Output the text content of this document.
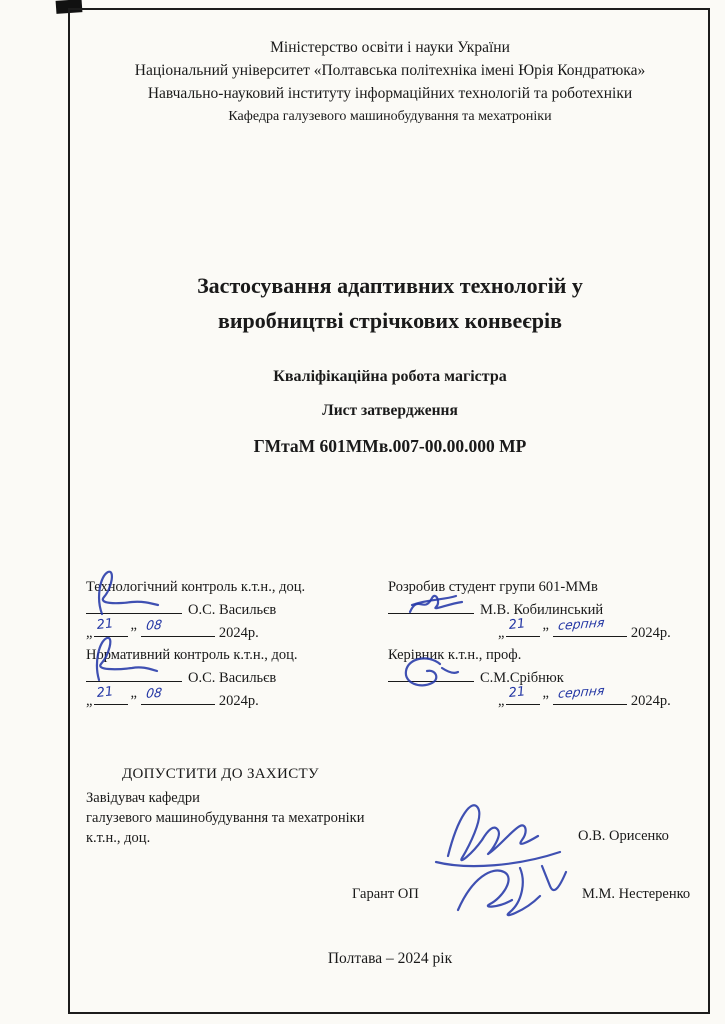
Міністерство освіти і науки України
Національний університет «Полтавська політехніка імені Юрія Кондратюка»
Навчально-науковий інституту інформаційних технологій та роботехніки
Кафедра галузевого машинобудування та мехатроніки
Застосування адаптивних технологій у
виробництві стрічкових конвеєрів
Кваліфікаційна робота магістра
Лист затвердження
ГМтаМ 601ММв.007-00.00.000 МР
Технологічний контроль к.т.н., доц.
О.С. Васильєв
„ 21 ”
08
2024р.
Нормативний контроль к.т.н., доц.
О.С. Васильєв
„ 21 ”
08
2024р.
Розробив студент групи 601-ММв
М.В. Кобилинський
„ 21 ”
серпня
2024р.
Керівник к.т.н., проф.
С.М.Срібнюк
„ 21 ”
серпня
2024р.
ДОПУСТИТИ ДО ЗАХИСТУ
Завідувач кафедри
галузевого машинобудування та мехатроніки
к.т.н., доц.	О.В. Орисенко
Гарант ОП	М.М. Нестеренко
Полтава – 2024 рік
